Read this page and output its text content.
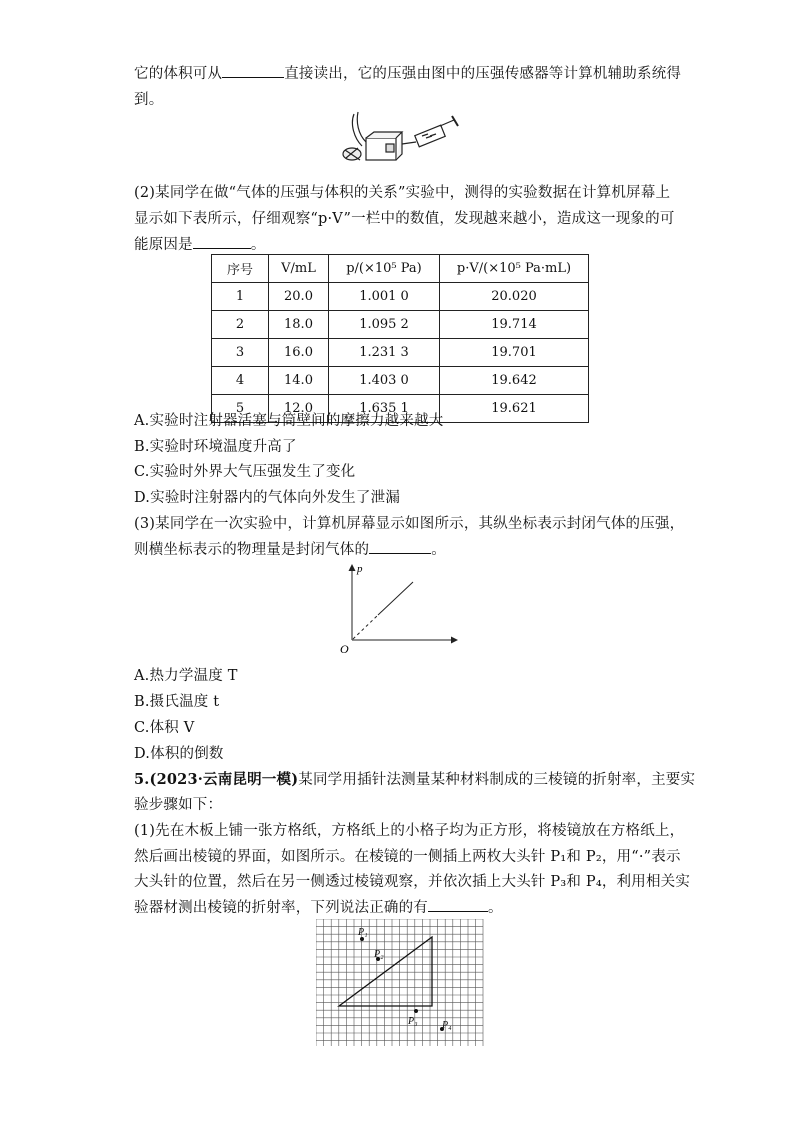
它的体积可从	直接读出，它的压强由图中的压强传感器等计算机辅助系统得
到。
(2)某同学在做“气体的压强与体积的关系”实验中，测得的实验数据在计算机屏幕上
显示如下表所示，仔细观察“p·V”一栏中的数值，发现越来越小，造成这一现象的可
能原因是	。
序号	V/mL	p/(×10⁵ Pa)	p·V/(×10⁵ Pa·mL)
1	20.0	1.001 0	20.020
2	18.0	1.095 2	19.714
3	16.0	1.231 3	19.701
4	14.0	1.403 0	19.642
5	12.0	1.635 1	19.621
A.实验时注射器活塞与筒壁间的摩擦力越来越大
B.实验时环境温度升高了
C.实验时外界大气压强发生了变化
D.实验时注射器内的气体向外发生了泄漏
(3)某同学在一次实验中，计算机屏幕显示如图所示，其纵坐标表示封闭气体的压强，
则横坐标表示的物理量是封闭气体的	。
p
O
A.热力学温度 T
B.摄氏温度 t
C.体积 V
D.体积的倒数
5.(2023·云南昆明一模)某同学用插针法测量某种材料制成的三棱镜的折射率，主要实
验步骤如下：
(1)先在木板上铺一张方格纸，方格纸上的小格子均为正方形，将棱镜放在方格纸上，
然后画出棱镜的界面，如图所示。在棱镜的一侧插上两枚大头针 P₁和 P₂，用“·”表示
大头针的位置，然后在另一侧透过棱镜观察，并依次插上大头针 P₃和 P₄，利用相关实
验器材测出棱镜的折射率，下列说法正确的有	。
P₁
P₂
P₃ P₄
